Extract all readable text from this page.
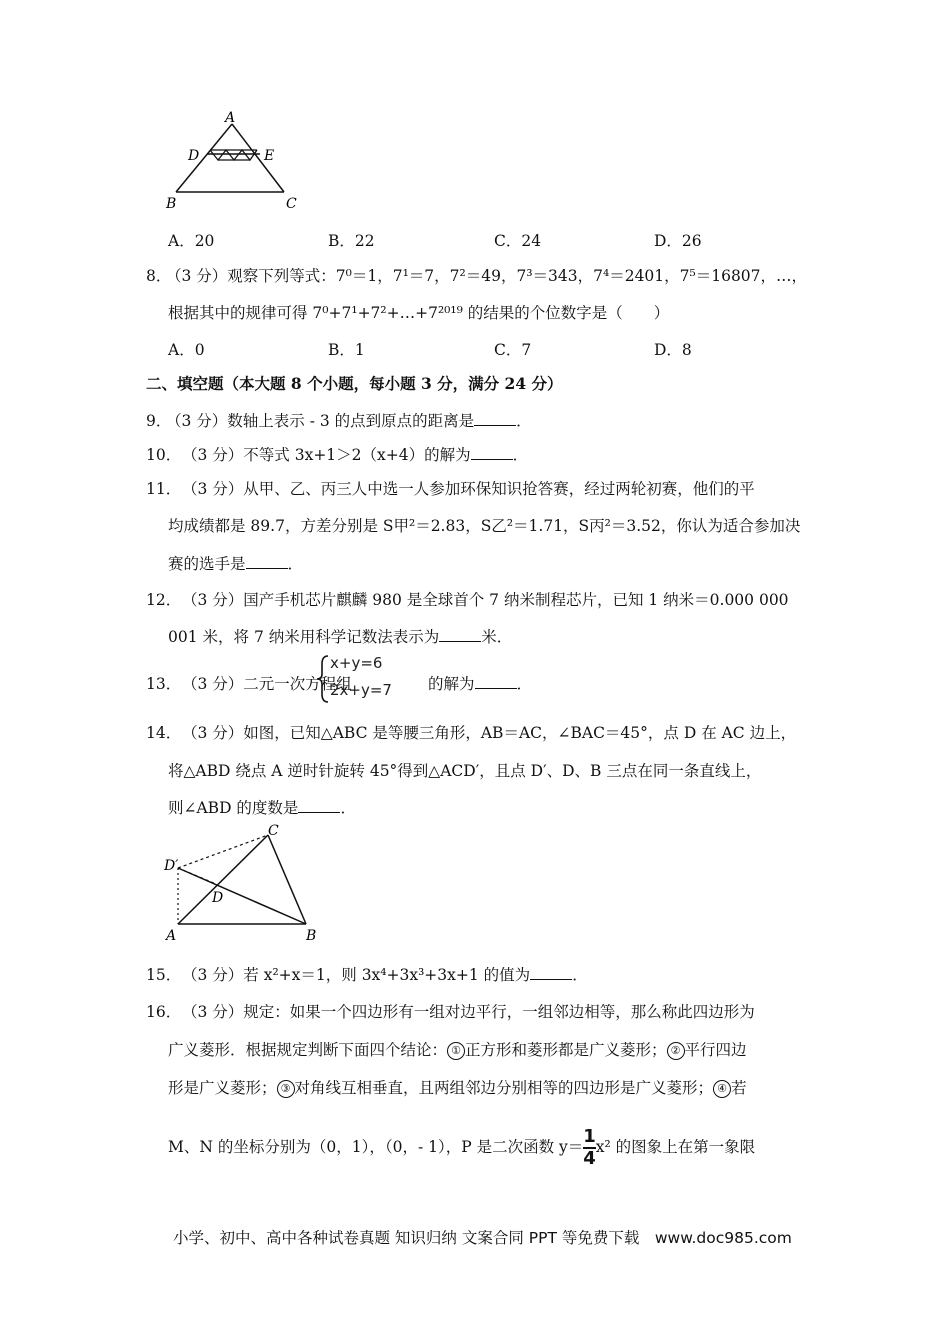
A
D	E
B	C
A．20	B．22	C．24	D．26
8．
（3 分）观察下列等式：7⁰＝1，7¹＝7，7²＝49，7³＝343，7⁴＝2401，7⁵＝16807，…，
根据其中的规律可得 7⁰+7¹+7²+…+7²⁰¹⁹ 的结果的个位数字是（　　）
A．0	B．1	C．7	D．8
二、填空题（本大题 8 个小题，每小题 3 分，满分 24 分）
9．
（3 分）数轴上表示 - 3 的点到原点的距离是	．
10． （3 分）不等式 3x+1＞2（x+4）的解为	．
11． （3 分）从甲、乙、丙三人中选一人参加环保知识抢答赛，经过两轮初赛，他们的平
均成绩都是 89.7，方差分别是 S甲²＝2.83，S乙²＝1.71，S丙²＝3.52，你认为适合参加决
赛的选手是	．
12． （3 分）国产手机芯片麒麟 980 是全球首个 7 纳米制程芯片，已知 1 纳米＝0.000 000
001 米，将 7 纳米用科学记数法表示为	米．
13． （3 分）二元一次方程组
x+y=6
2x+y=7 的解为	．
14． （3 分）如图，已知△ABC 是等腰三角形，AB＝AC，∠BAC＝45°，点 D 在 AC 边上，
将△ABD 绕点 A 逆时针旋转 45°得到△ACD′，且点 D′、D、B 三点在同一条直线上，
则∠ABD 的度数是	．
C
D′
D
A	B
15． （3 分）若 x²+x＝1，则 3x⁴+3x³+3x+1 的值为	．
16． （3 分）规定：如果一个四边形有一组对边平行，一组邻边相等，那么称此四边形为
广义菱形．根据规定判断下面四个结论： ① 正方形和菱形都是广义菱形； ② 平行四边
形是广义菱形； ③ 对角线互相垂直，且两组邻边分别相等的四边形是广义菱形； ④ 若
M、N 的坐标分别为（0，1），（0，- 1），P 是二次函数 $y= \frac{1}{4} x^2$ 的图象上在第一象限
小学、初中、高中各种试卷真题 知识归纳 文案合同 PPT 等免费下载　www.doc985.com
